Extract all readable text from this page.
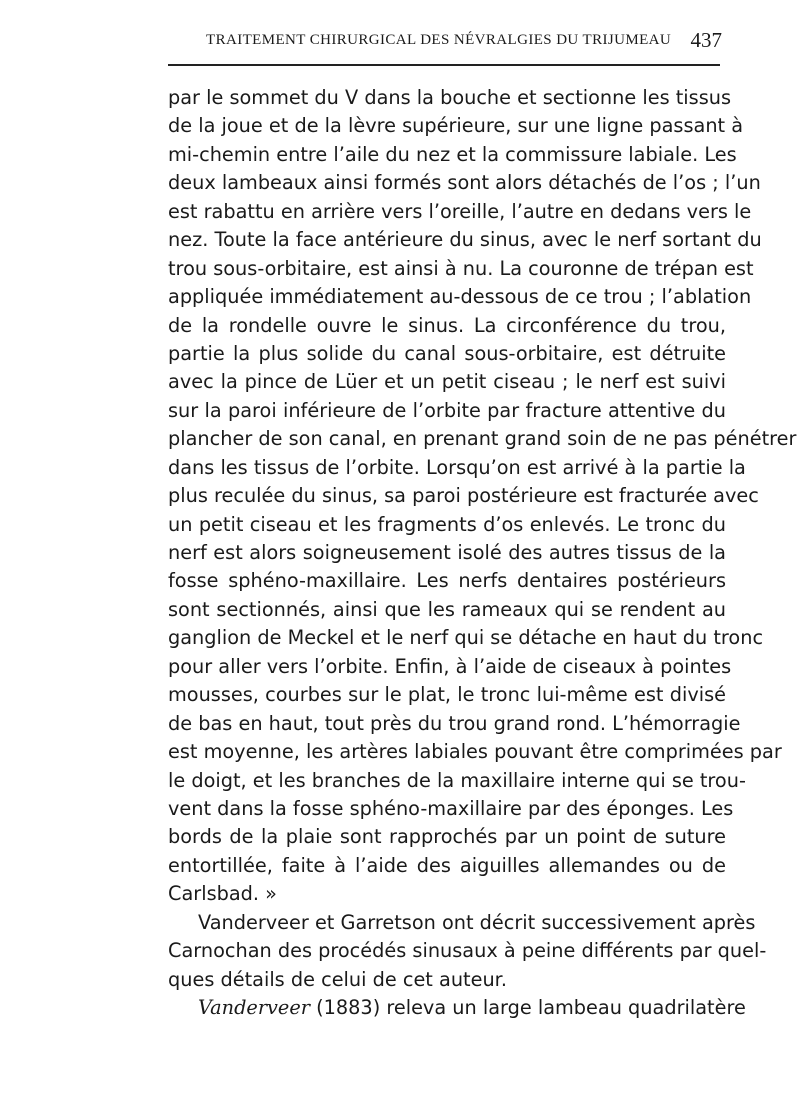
TRAITEMENT CHIRURGICAL DES NÉVRALGIES DU TRIJUMEAU 437
par le sommet du V dans la bouche et sectionne les tissus
de la joue et de la lèvre supérieure, sur une ligne passant à
mi-chemin entre l’aile du nez et la commissure labiale. Les
deux lambeaux ainsi formés sont alors détachés de l’os ; l’un
est rabattu en arrière vers l’oreille, l’autre en dedans vers le
nez. Toute la face antérieure du sinus, avec le nerf sortant du
trou sous-orbitaire, est ainsi à nu. La couronne de trépan est
appliquée immédiatement au-dessous de ce trou ; l’ablation
de la rondelle ouvre le sinus. La circonférence du trou,
partie la plus solide du canal sous-orbitaire, est détruite
avec la pince de Lüer et un petit ciseau ; le nerf est suivi
sur la paroi inférieure de l’orbite par fracture attentive du
plancher de son canal, en prenant grand soin de ne pas pénétrer
dans les tissus de l’orbite. Lorsqu’on est arrivé à la partie la
plus reculée du sinus, sa paroi postérieure est fracturée avec
un petit ciseau et les fragments d’os enlevés. Le tronc du
nerf est alors soigneusement isolé des autres tissus de la
fosse sphéno-maxillaire. Les nerfs dentaires postérieurs
sont sectionnés, ainsi que les rameaux qui se rendent au
ganglion de Meckel et le nerf qui se détache en haut du tronc
pour aller vers l’orbite. Enfin, à l’aide de ciseaux à pointes
mousses, courbes sur le plat, le tronc lui-même est divisé
de bas en haut, tout près du trou grand rond. L’hémorragie
est moyenne, les artères labiales pouvant être comprimées par
le doigt, et les branches de la maxillaire interne qui se trou-
vent dans la fosse sphéno-maxillaire par des éponges. Les
bords de la plaie sont rapprochés par un point de suture
entortillée, faite à l’aide des aiguilles allemandes ou de
Carlsbad. »
Vanderveer et Garretson ont décrit successivement après
Carnochan des procédés sinusaux à peine différents par quel-
ques détails de celui de cet auteur.
Vanderveer (1883) releva un large lambeau quadrilatère
